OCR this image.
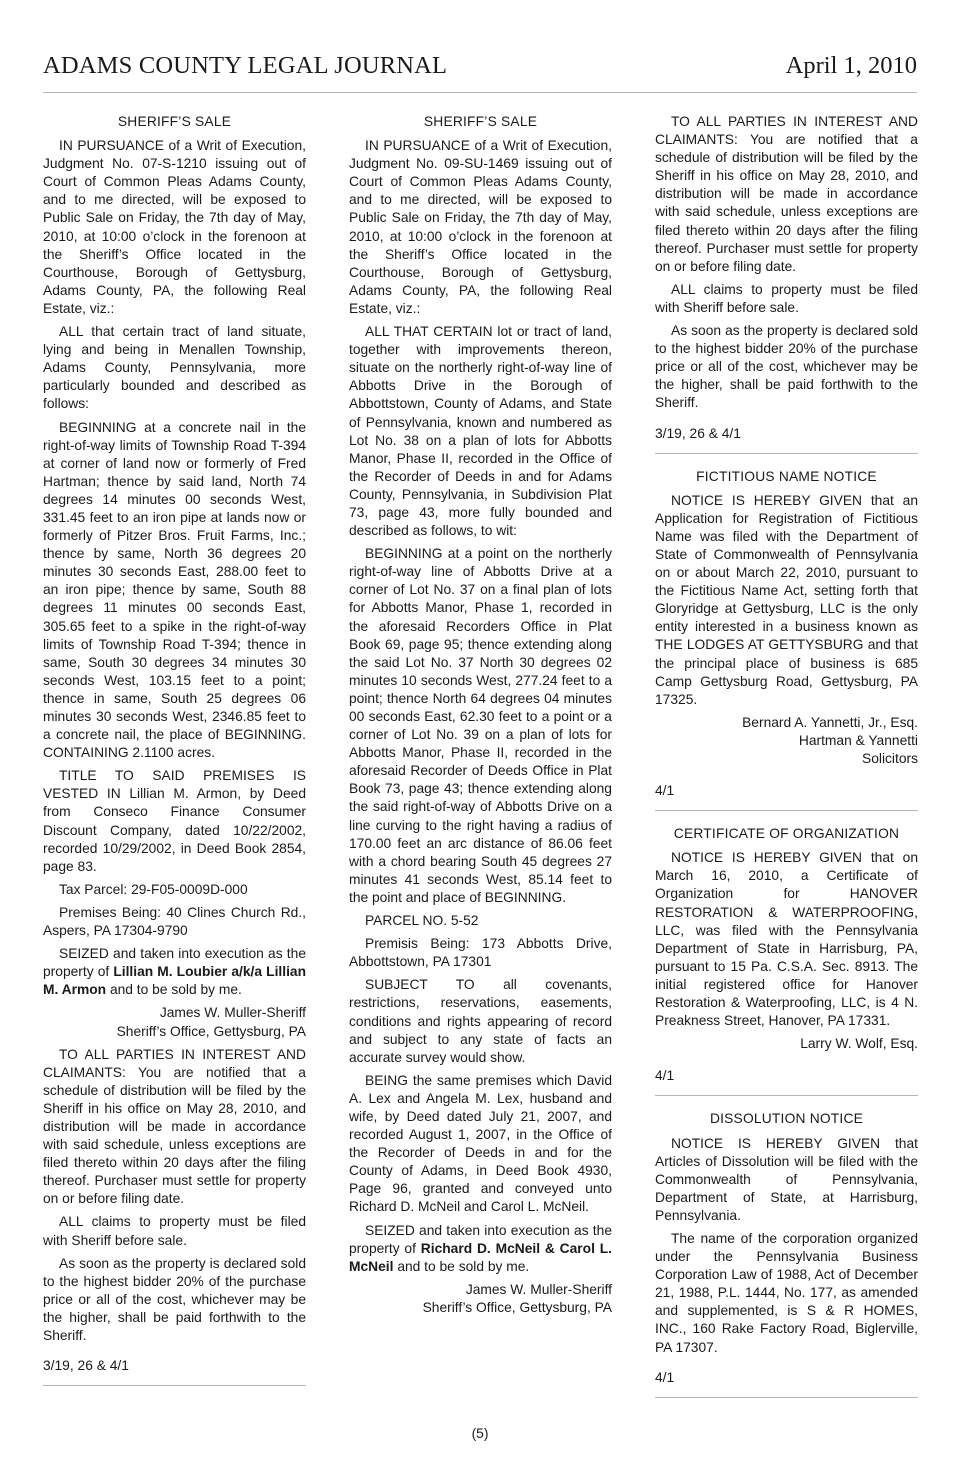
ADAMS COUNTY LEGAL JOURNAL	April 1, 2010
SHERIFF’S SALE

IN PURSUANCE of a Writ of Execution, Judgment No. 07-S-1210 issuing out of Court of Common Pleas Adams County, and to me directed, will be exposed to Public Sale on Friday, the 7th day of May, 2010, at 10:00 o’clock in the forenoon at the Sheriff’s Office located in the Courthouse, Borough of Gettysburg, Adams County, PA, the following Real Estate, viz.:

ALL that certain tract of land situate, lying and being in Menallen Township, Adams County, Pennsylvania, more particularly bounded and described as follows:

BEGINNING at a concrete nail in the right-of-way limits of Township Road T-394 at corner of land now or formerly of Fred Hartman; thence by said land, North 74 degrees 14 minutes 00 seconds West, 331.45 feet to an iron pipe at lands now or formerly of Pitzer Bros. Fruit Farms, Inc.; thence by same, North 36 degrees 20 minutes 30 seconds East, 288.00 feet to an iron pipe; thence by same, South 88 degrees 11 minutes 00 seconds East, 305.65 feet to a spike in the right-of-way limits of Township Road T-394; thence in same, South 30 degrees 34 minutes 30 seconds West, 103.15 feet to a point; thence in same, South 25 degrees 06 minutes 30 seconds West, 2346.85 feet to a concrete nail, the place of BEGINNING. CONTAINING 2.1100 acres.

TITLE TO SAID PREMISES IS VESTED IN Lillian M. Armon, by Deed from Conseco Finance Consumer Discount Company, dated 10/22/2002, recorded 10/29/2002, in Deed Book 2854, page 83.

Tax Parcel: 29-F05-0009D-000

Premises Being: 40 Clines Church Rd., Aspers, PA 17304-9790

SEIZED and taken into execution as the property of Lillian M. Loubier a/k/a Lillian M. Armon and to be sold by me.

James W. Muller-Sheriff
Sheriff’s Office, Gettysburg, PA

TO ALL PARTIES IN INTEREST AND CLAIMANTS: You are notified that a schedule of distribution will be filed by the Sheriff in his office on May 28, 2010, and distribution will be made in accordance with said schedule, unless exceptions are filed thereto within 20 days after the filing thereof. Purchaser must settle for property on or before filing date.

ALL claims to property must be filed with Sheriff before sale.

As soon as the property is declared sold to the highest bidder 20% of the purchase price or all of the cost, whichever may be the higher, shall be paid forthwith to the Sheriff.

3/19, 26 & 4/1
SHERIFF’S SALE

IN PURSUANCE of a Writ of Execution, Judgment No. 09-SU-1469 issuing out of Court of Common Pleas Adams County, and to me directed, will be exposed to Public Sale on Friday, the 7th day of May, 2010, at 10:00 o’clock in the forenoon at the Sheriff’s Office located in the Courthouse, Borough of Gettysburg, Adams County, PA, the following Real Estate, viz.:

ALL THAT CERTAIN lot or tract of land, together with improvements thereon, situate on the northerly right-of-way line of Abbotts Drive in the Borough of Abbottstown, County of Adams, and State of Pennsylvania, known and numbered as Lot No. 38 on a plan of lots for Abbotts Manor, Phase II, recorded in the Office of the Recorder of Deeds in and for Adams County, Pennsylvania, in Subdivision Plat 73, page 43, more fully bounded and described as follows, to wit:

BEGINNING at a point on the northerly right-of-way line of Abbotts Drive at a corner of Lot No. 37 on a final plan of lots for Abbotts Manor, Phase 1, recorded in the aforesaid Recorders Office in Plat Book 69, page 95; thence extending along the said Lot No. 37 North 30 degrees 02 minutes 10 seconds West, 277.24 feet to a point; thence North 64 degrees 04 minutes 00 seconds East, 62.30 feet to a point or a corner of Lot No. 39 on a plan of lots for Abbotts Manor, Phase II, recorded in the aforesaid Recorder of Deeds Office in Plat Book 73, page 43; thence extending along the said right-of-way of Abbotts Drive on a line curving to the right having a radius of 170.00 feet an arc distance of 86.06 feet with a chord bearing South 45 degrees 27 minutes 41 seconds West, 85.14 feet to the point and place of BEGINNING.

PARCEL NO. 5-52

Premisis Being: 173 Abbotts Drive, Abbottstown, PA 17301

SUBJECT TO all covenants, restrictions, reservations, easements, conditions and rights appearing of record and subject to any state of facts an accurate survey would show.

BEING the same premises which David A. Lex and Angela M. Lex, husband and wife, by Deed dated July 21, 2007, and recorded August 1, 2007, in the Office of the Recorder of Deeds in and for the County of Adams, in Deed Book 4930, Page 96, granted and conveyed unto Richard D. McNeil and Carol L. McNeil.

SEIZED and taken into execution as the property of Richard D. McNeil & Carol L. McNeil and to be sold by me.

James W. Muller-Sheriff
Sheriff’s Office, Gettysburg, PA

TO ALL PARTIES IN INTEREST AND CLAIMANTS: You are notified that a schedule of distribution will be filed by the Sheriff in his office on May 28, 2010, and distribution will be made in accordance with said schedule, unless exceptions are filed thereto within 20 days after the filing thereof. Purchaser must settle for property on or before filing date.

ALL claims to property must be filed with Sheriff before sale.

As soon as the property is declared sold to the highest bidder 20% of the purchase price or all of the cost, whichever may be the higher, shall be paid forthwith to the Sheriff.

3/19, 26 & 4/1
FICTITIOUS NAME NOTICE

NOTICE IS HEREBY GIVEN that an Application for Registration of Fictitious Name was filed with the Department of State of Commonwealth of Pennsylvania on or about March 22, 2010, pursuant to the Fictitious Name Act, setting forth that Gloryridge at Gettysburg, LLC is the only entity interested in a business known as THE LODGES AT GETTYSBURG and that the principal place of business is 685 Camp Gettysburg Road, Gettysburg, PA 17325.

Bernard A. Yannetti, Jr., Esq.
Hartman & Yannetti
Solicitors
4/1
CERTIFICATE OF ORGANIZATION

NOTICE IS HEREBY GIVEN that on March 16, 2010, a Certificate of Organization for HANOVER RESTORATION & WATERPROOFING, LLC, was filed with the Pennsylvania Department of State in Harrisburg, PA, pursuant to 15 Pa. C.S.A. Sec. 8913. The initial registered office for Hanover Restoration & Waterproofing, LLC, is 4 N. Preakness Street, Hanover, PA 17331.

Larry W. Wolf, Esq.
4/1
DISSOLUTION NOTICE

NOTICE IS HEREBY GIVEN that Articles of Dissolution will be filed with the Commonwealth of Pennsylvania, Department of State, at Harrisburg, Pennsylvania.

The name of the corporation organized under the Pennsylvania Business Corporation Law of 1988, Act of December 21, 1988, P.L. 1444, No. 177, as amended and supplemented, is S & R HOMES, INC., 160 Rake Factory Road, Biglerville, PA 17307.

4/1
(5)
